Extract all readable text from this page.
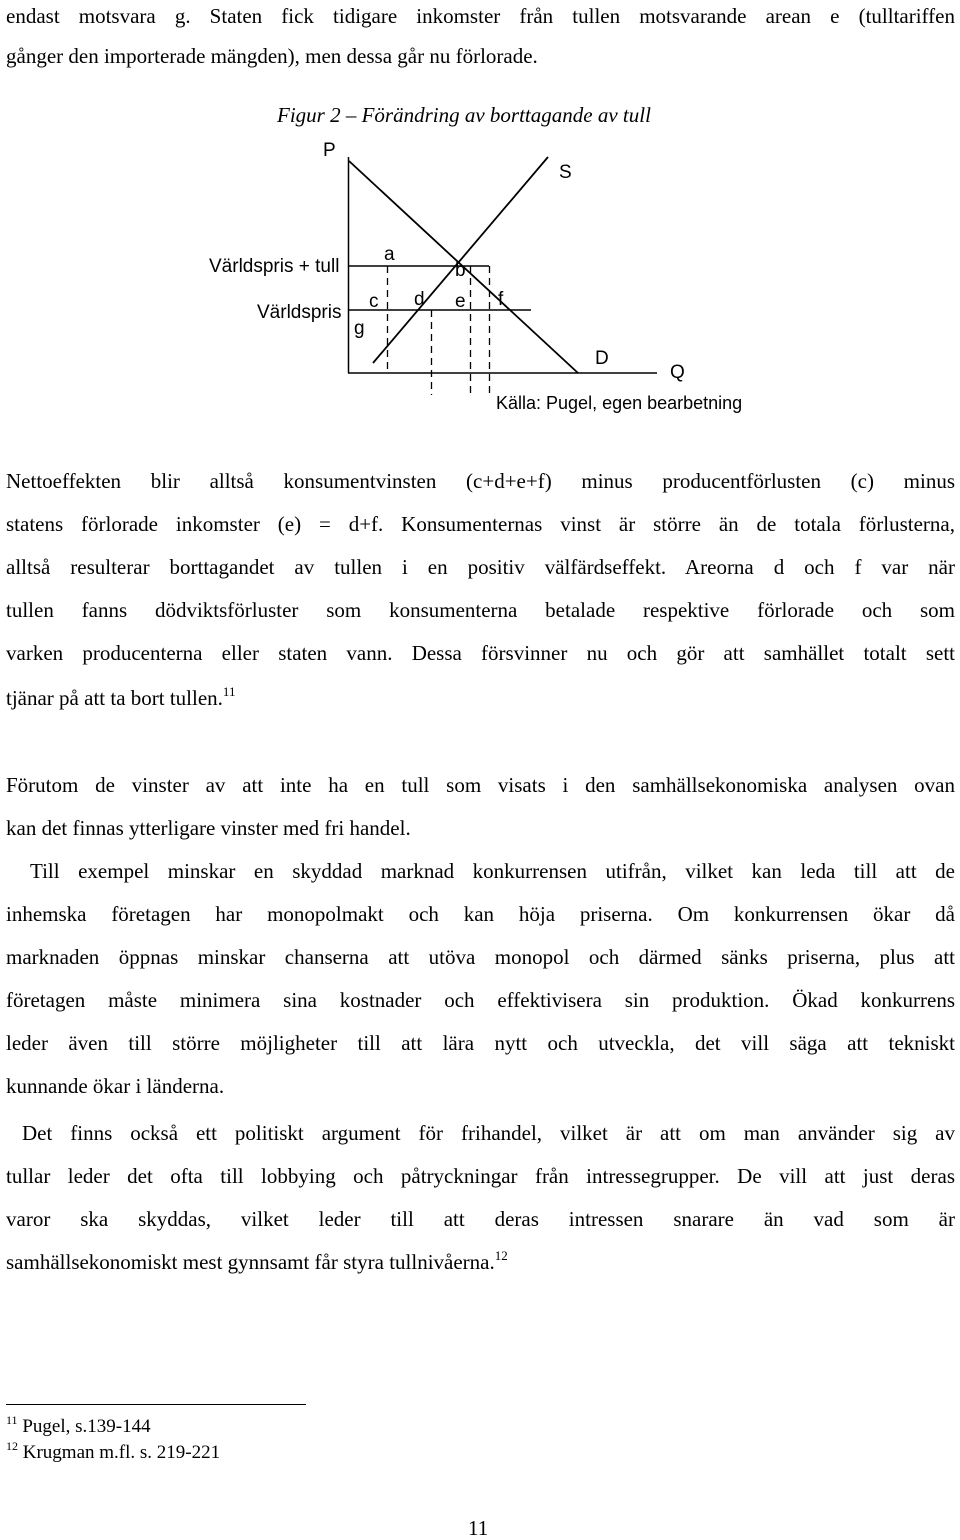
endast motsvara g. Staten fick tidigare inkomster från tullen motsvarande arean e (tulltariffen
gånger den importerade mängden), men dessa går nu förlorade.
Figur 2 – Förändring av borttagande av tull
P
S
Världspris + tull
Världspris
a
b
c d e f
g
D
Q
Källa: Pugel, egen bearbetning
Nettoeffekten blir alltså konsumentvinsten (c+d+e+f) minus producentförlusten (c) minus
statens förlorade inkomster (e) = d+f. Konsumenternas vinst är större än de totala förlusterna,
alltså resulterar borttagandet av tullen i en positiv välfärdseffekt. Areorna d och f var när
tullen fanns dödviktsförluster som konsumenterna betalade respektive förlorade och som
varken producenterna eller staten vann. Dessa försvinner nu och gör att samhället totalt sett
tjänar på att ta bort tullen.$^{11}$
Förutom de vinster av att inte ha en tull som visats i den samhällsekonomiska analysen ovan
kan det finnas ytterligare vinster med fri handel.
Till exempel minskar en skyddad marknad konkurrensen utifrån, vilket kan leda till att de
inhemska företagen har monopolmakt och kan höja priserna. Om konkurrensen ökar då
marknaden öppnas minskar chanserna att utöva monopol och därmed sänks priserna, plus att
företagen måste minimera sina kostnader och effektivisera sin produktion. Ökad konkurrens
leder även till större möjligheter till att lära nytt och utveckla, det vill säga att tekniskt
kunnande ökar i länderna.
Det finns också ett politiskt argument för frihandel, vilket är att om man använder sig av
tullar leder det ofta till lobbying och påtryckningar från intressegrupper. De vill att just deras
varor ska skyddas, vilket leder till att deras intressen snarare än vad som är
samhällsekonomiskt mest gynnsamt får styra tullnivåerna.$^{12}$
$^{11}$ Pugel, s.139-144
$^{12}$ Krugman m.fl. s. 219-221
11
